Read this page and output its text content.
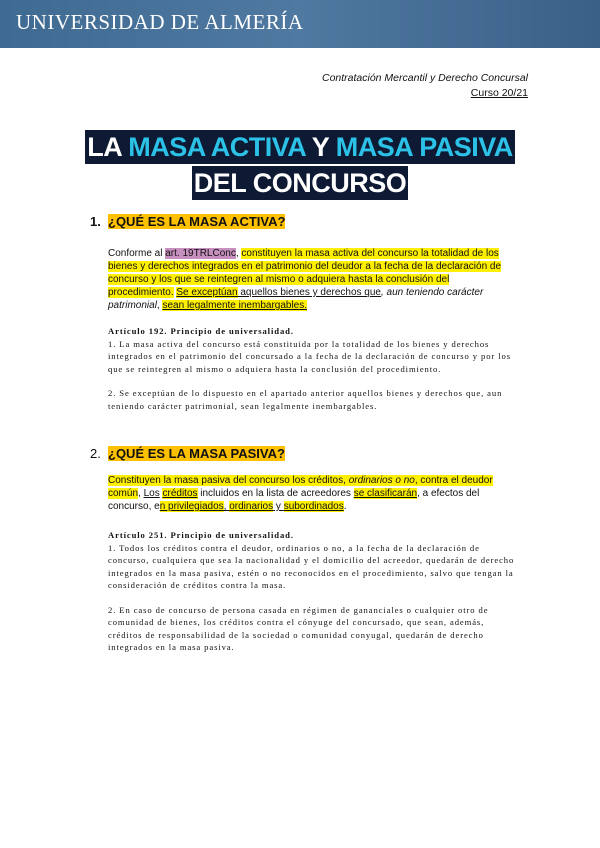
UNIVERSIDAD DE ALMERÍA
Contratación Mercantil y Derecho Concursal
Curso 20/21
LA MASA ACTIVA Y MASA PASIVA
DEL CONCURSO
1. ¿QUÉ ES LA MASA ACTIVA?
Conforme al art. 19TRLConc, constituyen la masa activa del concurso la totalidad de los bienes y derechos integrados en el patrimonio del deudor a la fecha de la declaración de concurso y los que se reintegren al mismo o adquiera hasta la conclusión del procedimiento. Se exceptúan aquellos bienes y derechos que, aun teniendo carácter patrimonial, sean legalmente inembargables.

Artículo 192. Principio de universalidad.

1. La masa activa del concurso está constituida por la totalidad de los bienes y derechos integrados en el patrimonio del concursado a la fecha de la declaración de concurso y por los que se reintegren al mismo o adquiera hasta la conclusión del procedimiento.

2. Se exceptúan de lo dispuesto en el apartado anterior aquellos bienes y derechos que, aun teniendo carácter patrimonial, sean legalmente inembargables.

2. ¿QUÉ ES LA MASA PASIVA?
Constituyen la masa pasiva del concurso los créditos, ordinarios o no, contra el deudor común, Los créditos incluidos en la lista de acreedores se clasificarán, a efectos del concurso, en privilegiados, ordinarios y subordinados.

Artículo 251. Principio de universalidad.

1. Todos los créditos contra el deudor, ordinarios o no, a la fecha de la declaración de concurso, cualquiera que sea la nacionalidad y el domicilio del acreedor, quedarán de derecho integrados en la masa pasiva, estén o no reconocidos en el procedimiento, salvo que tengan la consideración de créditos contra la masa.

2. En caso de concurso de persona casada en régimen de gananciales o cualquier otro de comunidad de bienes, los créditos contra el cónyuge del concursado, que sean, además, créditos de responsabilidad de la sociedad o comunidad conyugal, quedarán de derecho integrados en la masa pasiva.
